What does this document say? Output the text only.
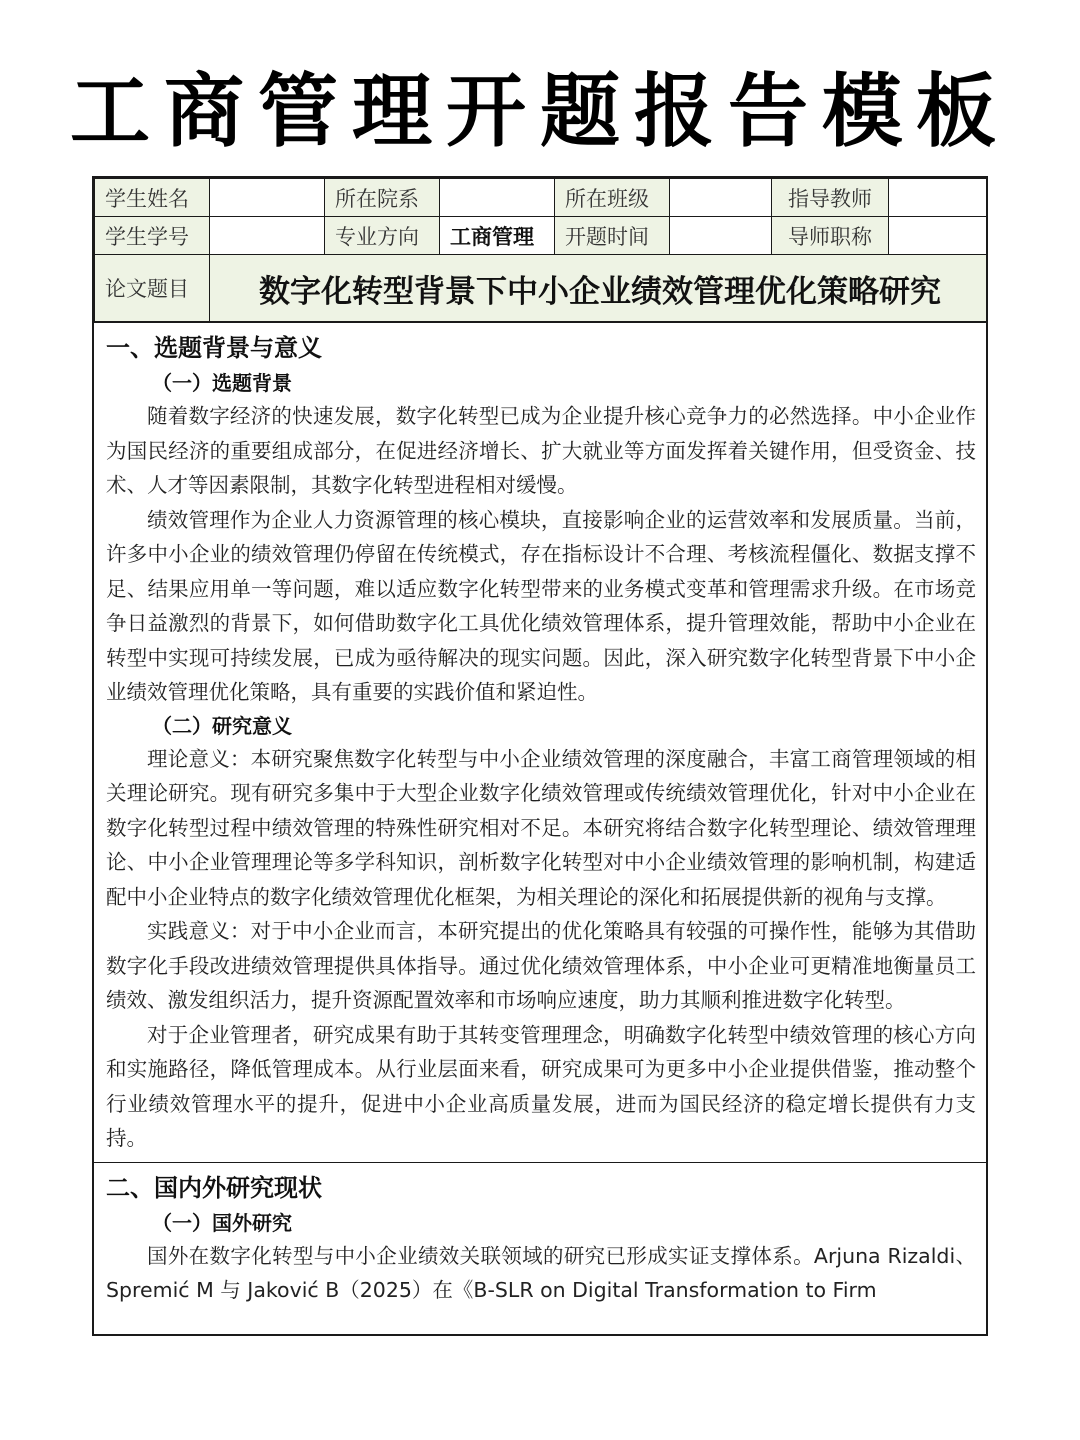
工商管理开题报告模板
学生姓名		所在院系		所在班级		指导教师	
学生学号		专业方向	工商管理	开题时间		导师职称	
论文题目	数字化转型背景下中小企业绩效管理优化策略研究						
一、选题背景与意义
（一）选题背景

随着数字经济的快速发展，数字化转型已成为企业提升核心竞争力的必然选择。中小企业作为国民经济的重要组成部分，在促进经济增长、扩大就业等方面发挥着关键作用，但受资金、技术、人才等因素限制，其数字化转型进程相对缓慢。

绩效管理作为企业人力资源管理的核心模块，直接影响企业的运营效率和发展质量。当前，许多中小企业的绩效管理仍停留在传统模式，存在指标设计不合理、考核流程僵化、数据支撑不足、结果应用单一等问题，难以适应数字化转型带来的业务模式变革和管理需求升级。在市场竞争日益激烈的背景下，如何借助数字化工具优化绩效管理体系，提升管理效能，帮助中小企业在转型中实现可持续发展，已成为亟待解决的现实问题。因此，深入研究数字化转型背景下中小企业绩效管理优化策略，具有重要的实践价值和紧迫性。

（二）研究意义

理论意义：本研究聚焦数字化转型与中小企业绩效管理的深度融合，丰富工商管理领域的相关理论研究。现有研究多集中于大型企业数字化绩效管理或传统绩效管理优化，针对中小企业在数字化转型过程中绩效管理的特殊性研究相对不足。本研究将结合数字化转型理论、绩效管理理论、中小企业管理理论等多学科知识，剖析数字化转型对中小企业绩效管理的影响机制，构建适配中小企业特点的数字化绩效管理优化框架，为相关理论的深化和拓展提供新的视角与支撑。

实践意义：对于中小企业而言，本研究提出的优化策略具有较强的可操作性，能够为其借助数字化手段改进绩效管理提供具体指导。通过优化绩效管理体系，中小企业可更精准地衡量员工绩效、激发组织活力，提升资源配置效率和市场响应速度，助力其顺利推进数字化转型。

对于企业管理者，研究成果有助于其转变管理理念，明确数字化转型中绩效管理的核心方向和实施路径，降低管理成本。从行业层面来看，研究成果可为更多中小企业提供借鉴，推动整个行业绩效管理水平的提升，促进中小企业高质量发展，进而为国民经济的稳定增长提供有力支持。

二、国内外研究现状
（一）国外研究

国外在数字化转型与中小企业绩效关联领域的研究已形成实证支撑体系。Arjuna Rizaldi、Spremić M 与 Jaković B（2025）在《B-SLR on Digital Transformation to Firm
